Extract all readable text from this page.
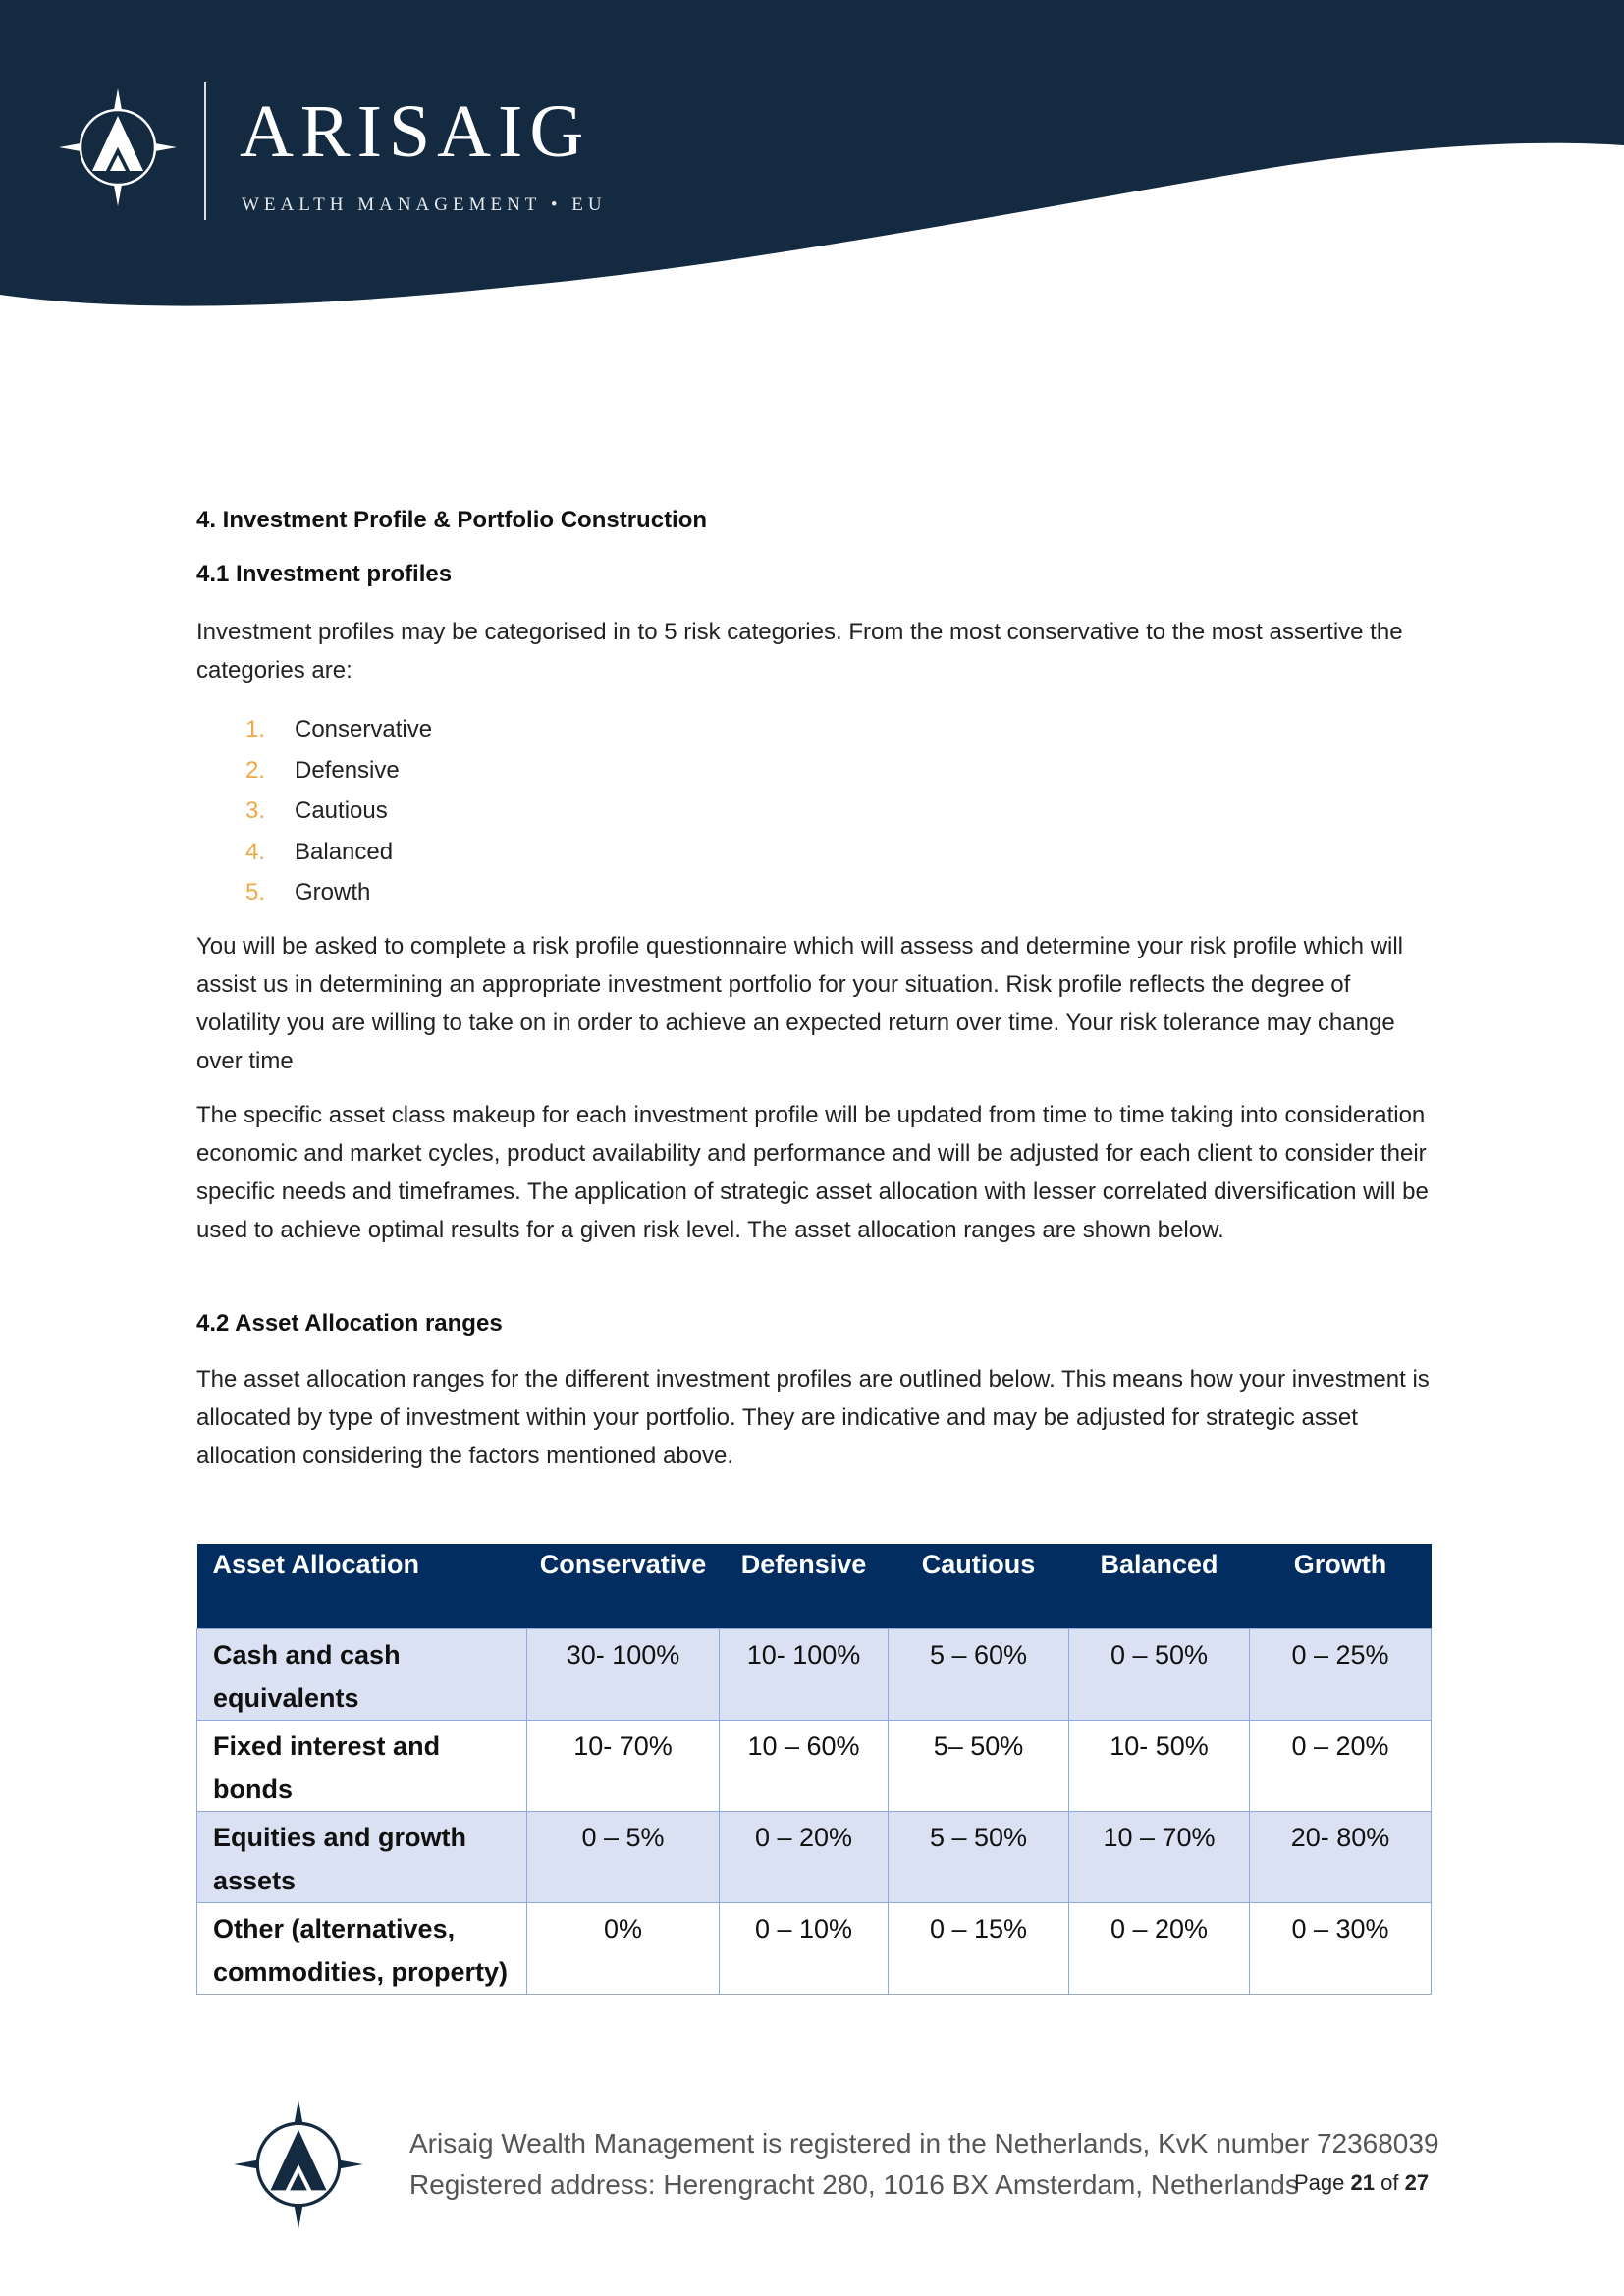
ARISAIG
WEALTH MANAGEMENT • EU
4. Investment Profile & Portfolio Construction
4.1 Investment profiles

Investment profiles may be categorised in to 5 risk categories. From the most conservative to the most assertive the categories are:

1. Conservative
2. Defensive
3. Cautious
4. Balanced
5. Growth

You will be asked to complete a risk profile questionnaire which will assess and determine your risk profile which will assist us in determining an appropriate investment portfolio for your situation. Risk profile reflects the degree of volatility you are willing to take on in order to achieve an expected return over time. Your risk tolerance may change over time

The specific asset class makeup for each investment profile will be updated from time to time taking into consideration economic and market cycles, product availability and performance and will be adjusted for each client to consider their specific needs and timeframes. The application of strategic asset allocation with lesser correlated diversification will be used to achieve optimal results for a given risk level. The asset allocation ranges are shown below.

4.2 Asset Allocation ranges

The asset allocation ranges for the different investment profiles are outlined below. This means how your investment is allocated by type of investment within your portfolio. They are indicative and may be adjusted for strategic asset allocation considering the factors mentioned above.

Asset Allocation	Conservative	Defensive	Cautious	Balanced	Growth
Cash and cash equivalents	30- 100%	10- 100%	5 – 60%	0 – 50%	0 – 25%
Fixed interest and bonds	10- 70%	10 – 60%	5– 50%	10- 50%	0 – 20%
Equities and growth assets	0 – 5%	0 – 20%	5 – 50%	10 – 70%	20- 80%
Other (alternatives, commodities, property)	0%	0 – 10%	0 – 15%	0 – 20%	0 – 30%

Arisaig Wealth Management is registered in the Netherlands, KvK number 72368039
Registered address: Herengracht 280, 1016 BX Amsterdam, Netherlands

Page 21 of 27
